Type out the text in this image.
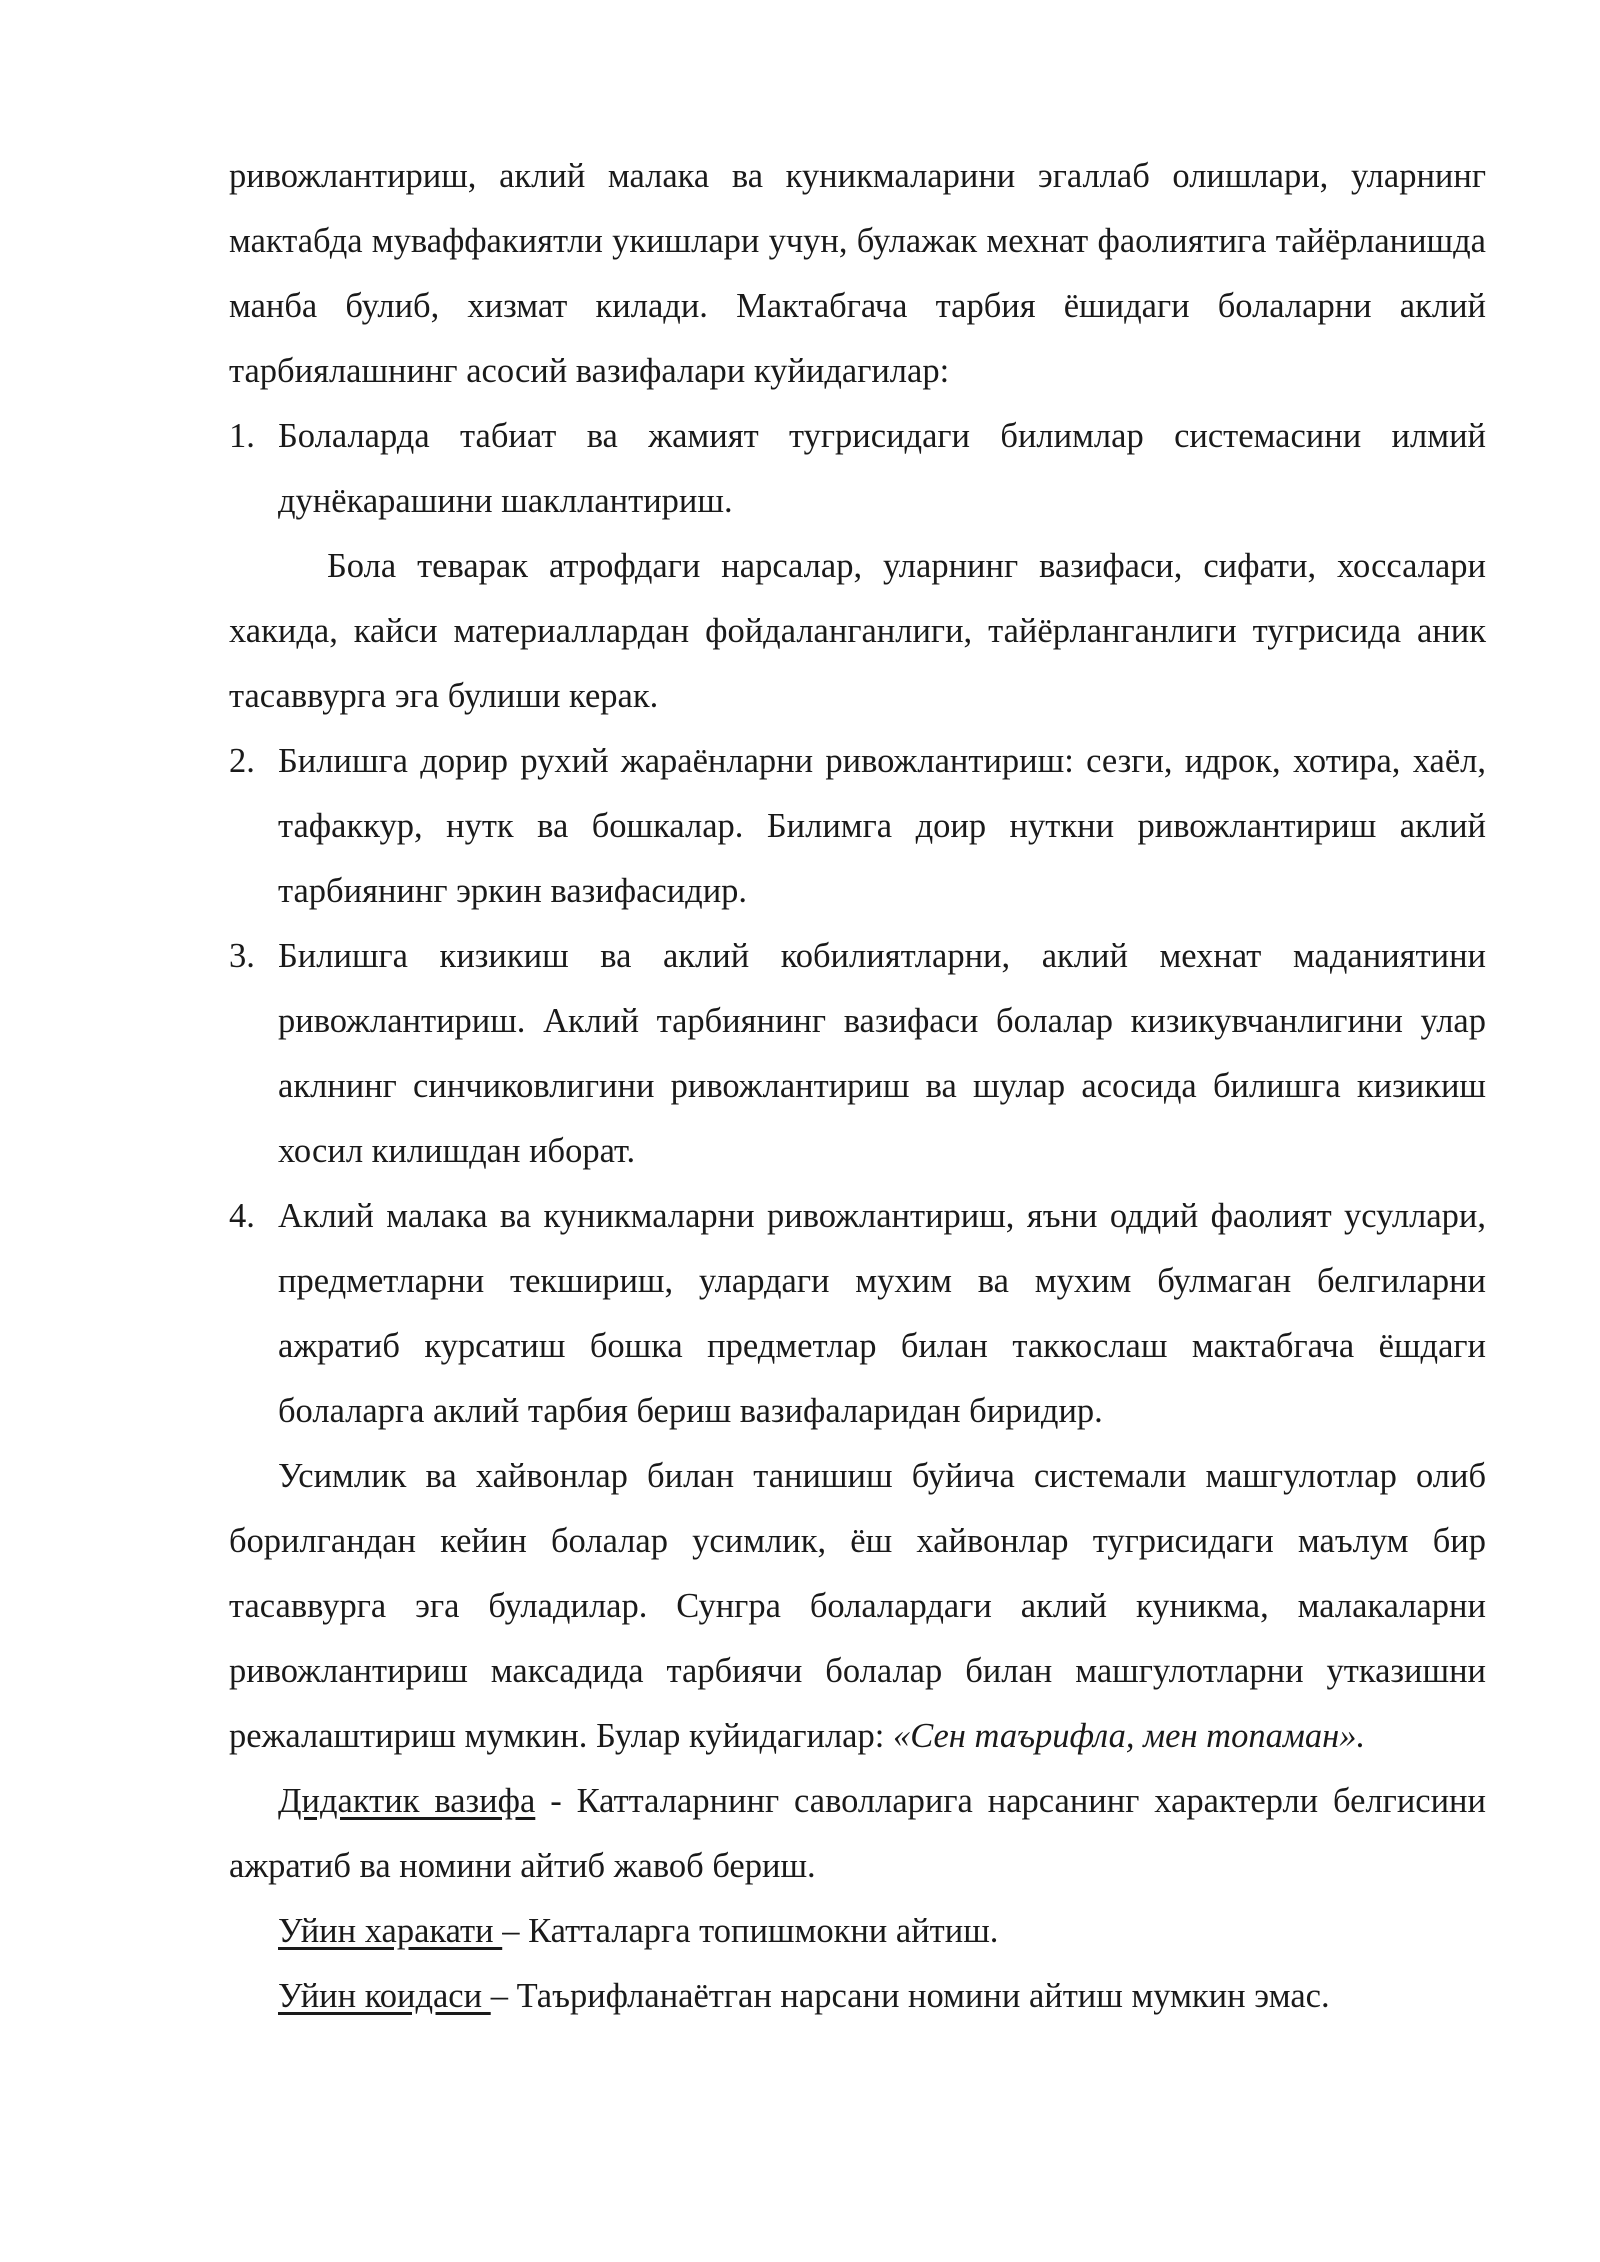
ривожлантириш, аклий малака ва куникмаларини эгаллаб олишлари, уларнинг мактабда муваффакиятли укишлари учун, булажак мехнат фаолиятига тайёрланишда манба булиб, хизмат килади. Мактабгача тарбия ёшидаги болаларни аклий тарбиялашнинг асосий вазифалари куйидагилар:

1. Болаларда табиат ва жамият тугрисидаги билимлар системасини илмий дунёкарашини шакллантириш.

Бола теварак атрофдаги нарсалар, уларнинг вазифаси, сифати, хоссалари хакида, кайси материаллардан фойдаланганлиги, тайёрланганлиги тугрисида аник тасаввурга эга булиши керак.

2. Билишга дорир рухий жараёнларни ривожлантириш: сезги, идрок, хотира, хаёл, тафаккур, нутк ва бошкалар. Билимга доир нуткни ривожлантириш аклий тарбиянинг эркин вазифасидир.
3. Билишга кизикиш ва аклий кобилиятларни, аклий мехнат маданиятини ривожлантириш. Аклий тарбиянинг вазифаси болалар кизикувчанлигини улар аклнинг синчиковлигини ривожлантириш ва шулар асосида билишга кизикиш хосил килишдан иборат.
4. Аклий малака ва куникмаларни ривожлантириш, яъни оддий фаолият усуллари, предметларни текшириш, улардаги мухим ва мухим булмаган белгиларни ажратиб курсатиш бошка предметлар билан таккослаш мактабгача ёшдаги болаларга аклий тарбия бериш вазифаларидан биридир.

Усимлик ва хайвонлар билан танишиш буйича системали машгулотлар олиб борилгандан кейин болалар усимлик, ёш хайвонлар тугрисидаги маълум бир тасаввурга эга буладилар. Сунгра болалардаги аклий куникма, малакаларни ривожлантириш максадида тарбиячи болалар билан машгулотларни утказишни режалаштириш мумкин. Булар куйидагилар: «Сен таърифла, мен топаман».

Дидактик вазифа - Катталарнинг саволларига нарсанинг характерли белгисини ажратиб ва номини айтиб жавоб бериш.

Уйин харакати – Катталарга топишмокни айтиш.

Уйин коидаси – Таърифланаётган нарсани номини айтиш мумкин эмас.
